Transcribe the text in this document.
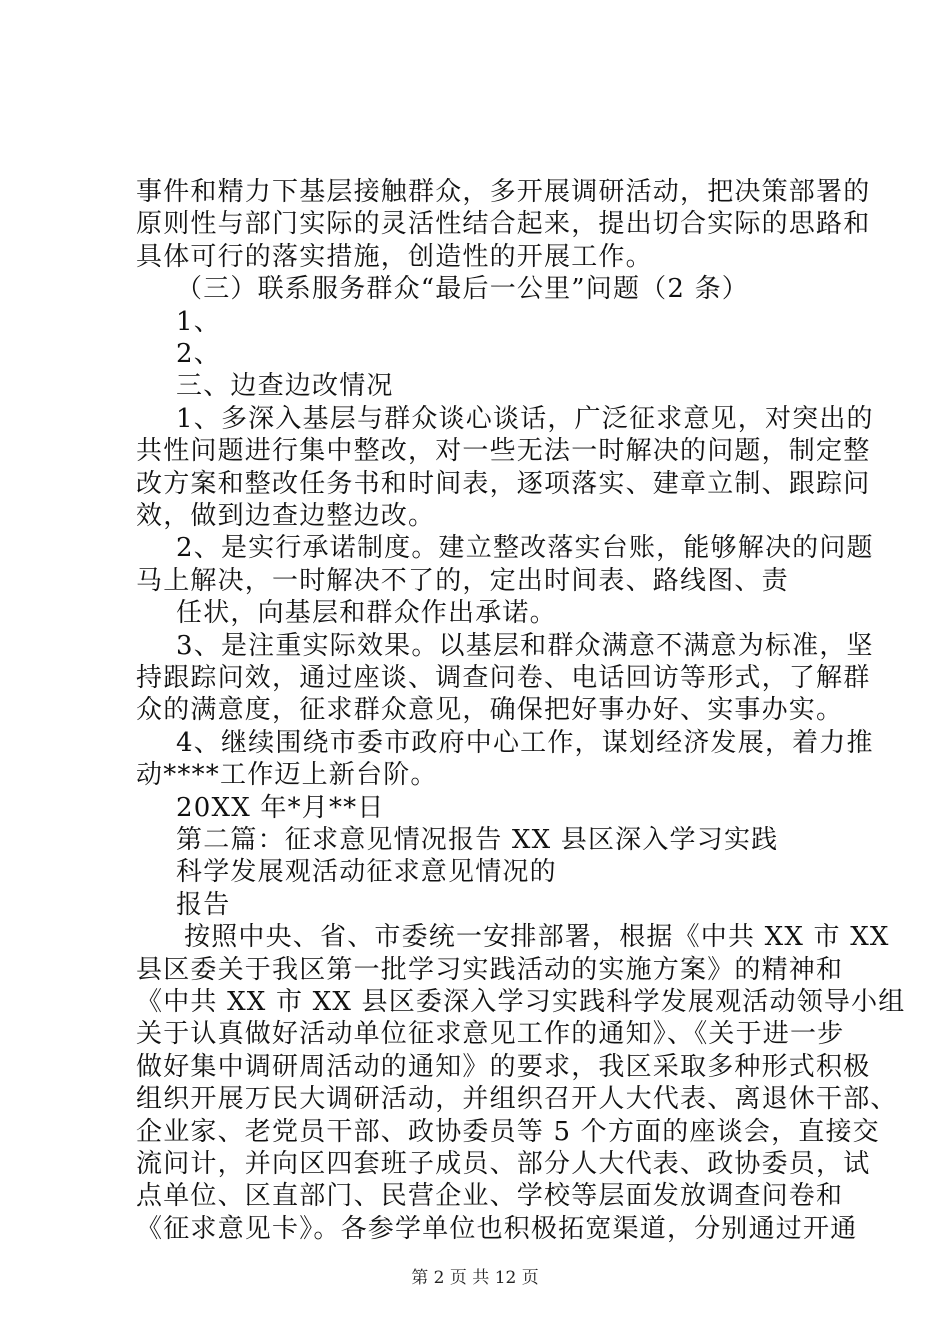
事件和精力下基层接触群众，多开展调研活动，把决策部署的
原则性与部门实际的灵活性结合起来，提出切合实际的思路和
具体可行的落实措施，创造性的开展工作。
（三）联系服务群众“最后一公里”问题（2 条）
1、
2、
三、边查边改情况
1、多深入基层与群众谈心谈话，广泛征求意见，对突出的
共性问题进行集中整改，对一些无法一时解决的问题，制定整
改方案和整改任务书和时间表，逐项落实、建章立制、跟踪问
效，做到边查边整边改。
2、是实行承诺制度。建立整改落实台账，能够解决的问题
马上解决，一时解决不了的，定出时间表、路线图、责
任状，向基层和群众作出承诺。
3、是注重实际效果。以基层和群众满意不满意为标准，坚
持跟踪问效，通过座谈、调查问卷、电话回访等形式，了解群
众的满意度，征求群众意见，确保把好事办好、实事办实。
4、继续围绕市委市政府中心工作，谋划经济发展，着力推
动****工作迈上新台阶。
20XX 年*月**日
第二篇：征求意见情况报告 XX 县区深入学习实践
科学发展观活动征求意见情况的
报告
按照中央、省、市委统一安排部署，根据《中共 XX 市 XX
县区委关于我区第一批学习实践活动的实施方案》的精神和
《中共 XX 市 XX 县区委深入学习实践科学发展观活动领导小组
关于认真做好活动单位征求意见工作的通知》、《关于进一步
做好集中调研周活动的通知》的要求，我区采取多种形式积极
组织开展万民大调研活动，并组织召开人大代表、离退休干部、
企业家、老党员干部、政协委员等 5 个方面的座谈会，直接交
流问计，并向区四套班子成员、部分人大代表、政协委员，试
点单位、区直部门、民营企业、学校等层面发放调查问卷和
《征求意见卡》。各参学单位也积极拓宽渠道，分别通过开通
第 2 页 共 12 页
